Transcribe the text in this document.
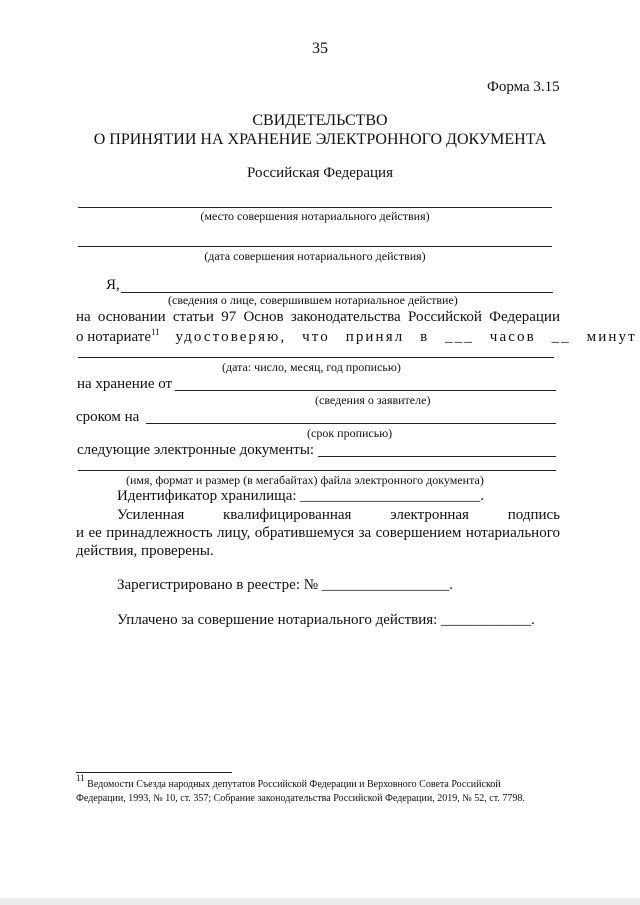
35
Форма 3.15
СВИДЕТЕЛЬСТВО
О ПРИНЯТИИ НА ХРАНЕНИЕ ЭЛЕКТРОННОГО ДОКУМЕНТА
Российская Федерация
(место совершения нотариального действия)
(дата совершения нотариального действия)
Я,
(сведения о лице, совершившем нотариальное действие)
на основании статьи 97 Основ законодательства Российской Федерации
о нотариате$^{11}$ удостоверяю, что принял в ___ часов __ минут
(дата: число, месяц, год прописью)
на хранение от
(сведения о заявителе)
сроком на
(срок прописью)
следующие электронные документы:
(имя, формат и размер (в мегабайтах) файла электронного документа)
Идентификатор хранилища: ________________________.
Усиленная квалифицированная электронная подпись
и ее принадлежность лицу, обратившемуся за совершением нотариального
действия, проверены.
Зарегистрировано в реестре: № _________________.
Уплачено за совершение нотариального действия: ____________.
$^{11}$ Ведомости Съезда народных депутатов Российской Федерации и Верховного Совета Российской
Федерации, 1993, № 10, ст. 357; Собрание законодательства Российской Федерации, 2019, № 52, ст. 7798.
